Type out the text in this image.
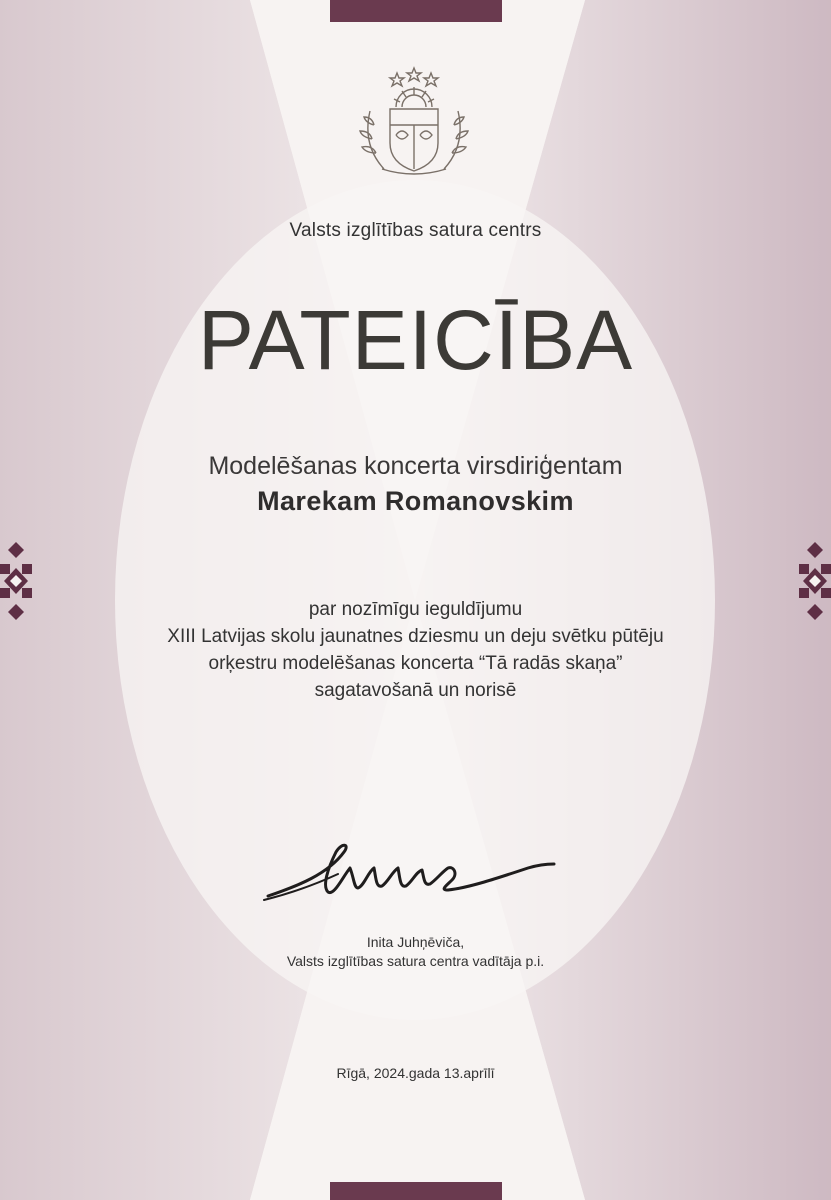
Valsts izglītības satura centrs
PATEICĪBA
Modelēšanas koncerta virsdiriģentam
Marekam Romanovskim
par nozīmīgu ieguldījumu
XIII Latvijas skolu jaunatnes dziesmu un deju svētku pūtēju
orķestru modelēšanas koncerta “Tā radās skaņa”
sagatavošanā un norisē
Inita Juhņēviča,
Valsts izglītības satura centra vadītāja p.i.
Rīgā, 2024.gada 13.aprīlī
